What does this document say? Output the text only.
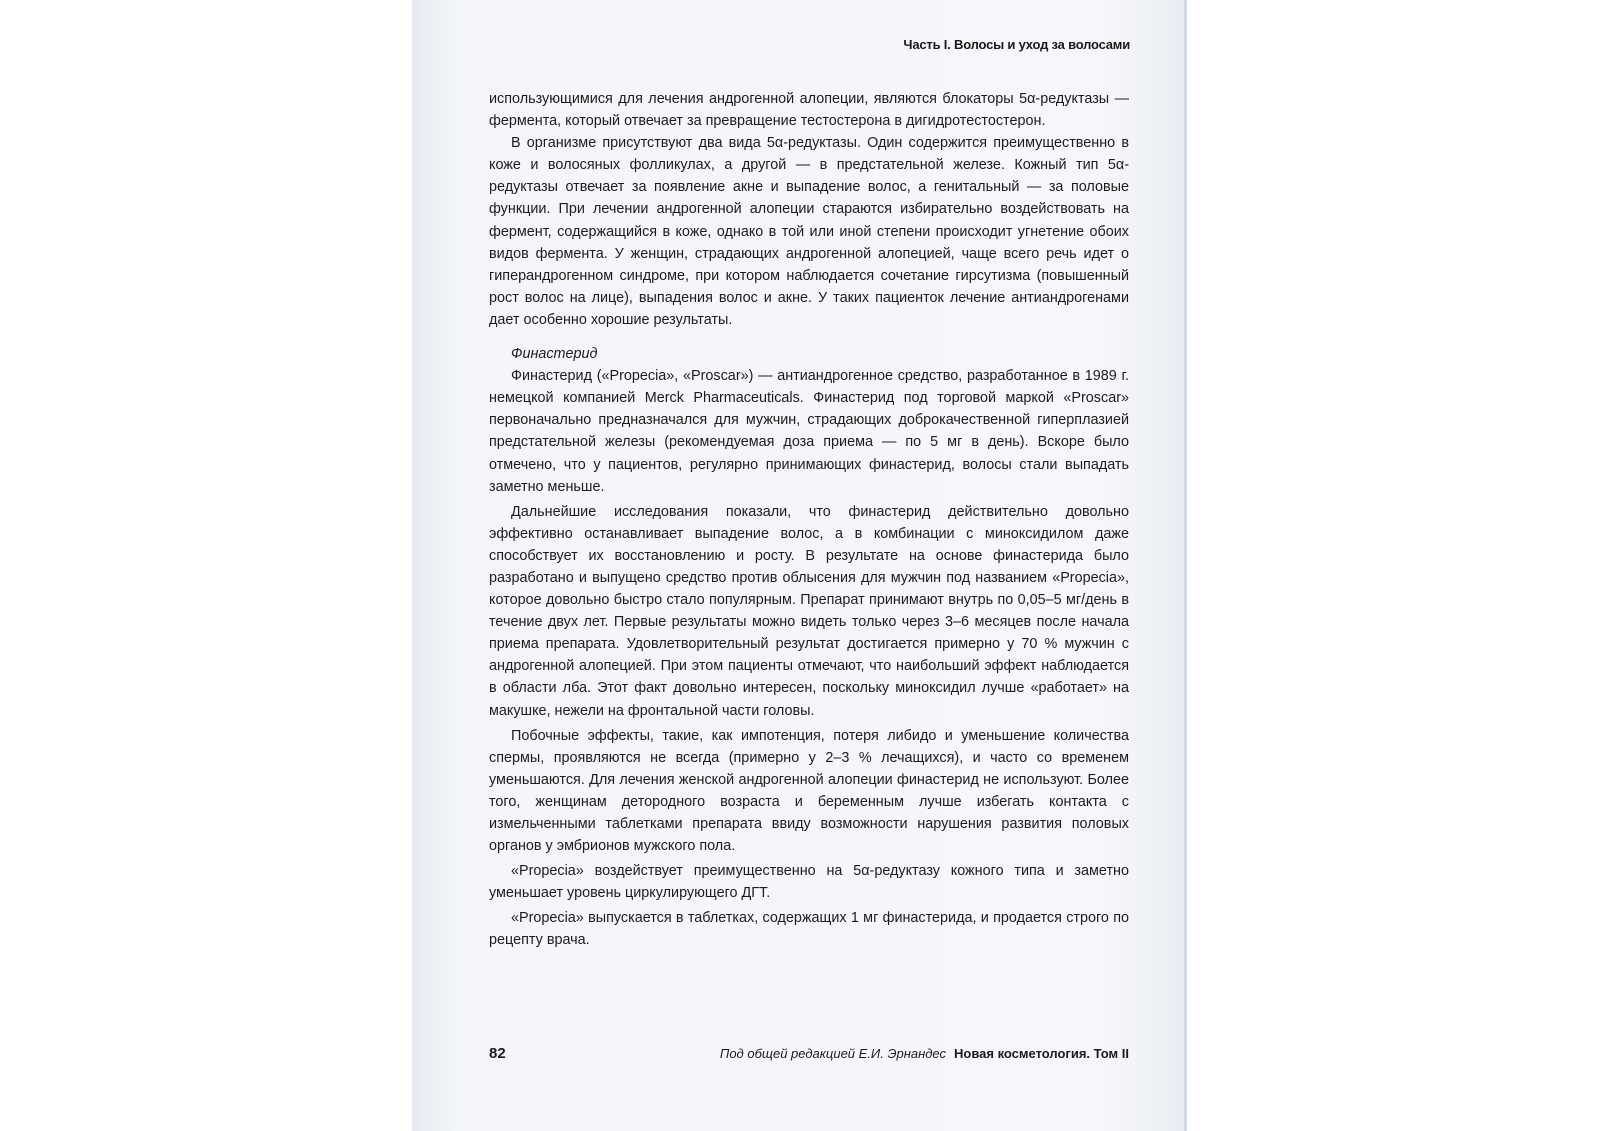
Часть I. Волосы и уход за волосами

использующимися для лечения андрогенной алопеции, являются блокаторы 5α-редуктазы — фермента, который отвечает за превращение тестостерона в дигидротестостерон.

В организме присутствуют два вида 5α-редуктазы. Один содержится преимущественно в коже и волосяных фолликулах, а другой — в предстательной железе. Кожный тип 5α-редуктазы отвечает за появление акне и выпадение волос, а генитальный — за половые функции. При лечении андрогенной алопеции стараются избирательно воздействовать на фермент, содержащийся в коже, однако в той или иной степени происходит угнетение обоих видов фермента. У женщин, страдающих андрогенной алопецией, чаще всего речь идет о гиперандрогенном синдроме, при котором наблюдается сочетание гирсутизма (повышенный рост волос на лице), выпадения волос и акне. У таких пациенток лечение антиандрогенами дает особенно хорошие результаты.

Финастерид

Финастерид («Propecia», «Proscar») — антиандрогенное средство, разработанное в 1989 г. немецкой компанией Merck Pharmaceuticals. Финастерид под торговой маркой «Proscar» первоначально предназначался для мужчин, страдающих доброкачественной гиперплазией предстательной железы (рекомендуемая доза приема — по 5 мг в день). Вскоре было отмечено, что у пациентов, регулярно принимающих финастерид, волосы стали выпадать заметно меньше.

Дальнейшие исследования показали, что финастерид действительно довольно эффективно останавливает выпадение волос, а в комбинации с миноксидилом даже способствует их восстановлению и росту. В результате на основе финастерида было разработано и выпущено средство против облысения для мужчин под названием «Propecia», которое довольно быстро стало популярным. Препарат принимают внутрь по 0,05–5 мг/день в течение двух лет. Первые результаты можно видеть только через 3–6 месяцев после начала приема препарата. Удовлетворительный результат достигается примерно у 70 % мужчин с андрогенной алопецией. При этом пациенты отмечают, что наибольший эффект наблюдается в области лба. Этот факт довольно интересен, поскольку миноксидил лучше «работает» на макушке, нежели на фронтальной части головы.

Побочные эффекты, такие, как импотенция, потеря либидо и уменьшение количества спермы, проявляются не всегда (примерно у 2–3 % лечащихся), и часто со временем уменьшаются. Для лечения женской андрогенной алопеции финастерид не используют. Более того, женщинам детородного возраста и беременным лучше избегать контакта с измельченными таблетками препарата ввиду возможности нарушения развития половых органов у эмбрионов мужского пола.

«Propecia» воздействует преимущественно на 5α-редуктазу кожного типа и заметно уменьшает уровень циркулирующего ДГТ.

«Propecia» выпускается в таблетках, содержащих 1 мг финастерида, и продается строго по рецепту врача.

82	Под общей редакцией Е.И. Эрнандес Новая косметология. Том II
